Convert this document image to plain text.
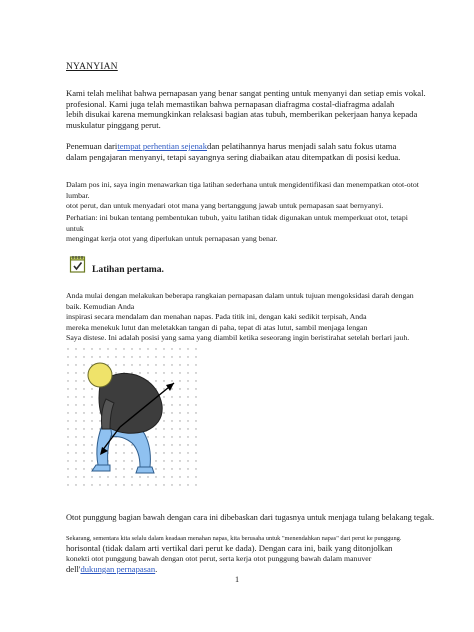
NYANYIAN
Kami telah melihat bahwa pernapasan yang benar sangat penting untuk menyanyi dan setiap emis vokal.
profesional. Kami juga telah memastikan bahwa pernapasan diafragma costal-diafragma adalah
lebih disukai karena memungkinkan relaksasi bagian atas tubuh, memberikan pekerjaan hanya kepada
muskulatur pinggang perut.
Penemuan daritempat perhentian sejenakdan pelatihannya harus menjadi salah satu fokus utama
dalam pengajaran menyanyi, tetapi sayangnya sering diabaikan atau ditempatkan di posisi kedua.
Dalam pos ini, saya ingin menawarkan tiga latihan sederhana untuk mengidentifikasi dan menempatkan otot-otot lumbar.
otot perut, dan untuk menyadari otot mana yang bertanggung jawab untuk pernapasan saat bernyanyi.
Perhatian: ini bukan tentang pembentukan tubuh, yaitu latihan tidak digunakan untuk memperkuat otot, tetapi untuk
mengingat kerja otot yang diperlukan untuk pernapasan yang benar.
Latihan pertama.
Anda mulai dengan melakukan beberapa rangkaian pernapasan dalam untuk tujuan mengoksidasi darah dengan baik. Kemudian Anda
inspirasi secara mendalam dan menahan napas. Pada titik ini, dengan kaki sedikit terpisah, Anda
mereka menekuk lutut dan meletakkan tangan di paha, tepat di atas lutut, sambil menjaga lengan
Saya distese. Ini adalah posisi yang sama yang diambil ketika seseorang ingin beristirahat setelah berlari jauh.
Otot punggung bagian bawah dengan cara ini dibebaskan dari tugasnya untuk menjaga tulang belakang tegak.
Sekarang, sementara kita selalu dalam keadaan menahan napas, kita berusaha untuk "menendahkan napas" dari perut ke punggung.
horisontal (tidak dalam arti vertikal dari perut ke dada). Dengan cara ini, baik yang ditonjolkan
konekti otot punggung bawah dengan otot perut, serta kerja otot punggung bawah dalam manuver
dell'dukungan pernapasan.
1
